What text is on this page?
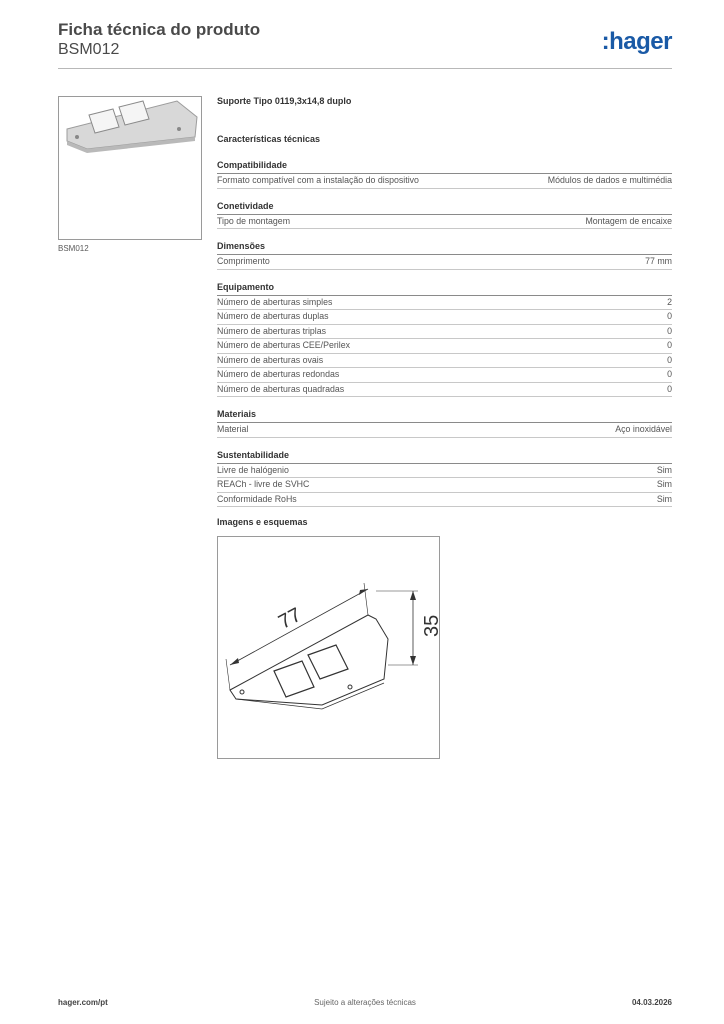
Ficha técnica do produto

BSM012	:hager
BSM012
Suporte Tipo 0119,3x14,8 duplo
Características técnicas
Compatibilidade
Formato compatível com a instalação do dispositivo	Módulos de dados e multimédia
Conetividade
Tipo de montagem	Montagem de encaixe
Dimensões
Comprimento	77 mm
Equipamento
Número de aberturas simples	2
Número de aberturas duplas	0
Número de aberturas triplas	0
Número de aberturas CEE/Perilex	0
Número de aberturas ovais	0
Número de aberturas redondas	0
Número de aberturas quadradas	0
Materiais
Material	Aço inoxidável
Sustentabilidade
Livre de halógenio	Sim
REACh - livre de SVHC	Sim
Conformidade RoHs	Sim
Imagens e esquemas
77	35
hager.com/pt	Sujeito a alterações técnicas	04.03.2026
